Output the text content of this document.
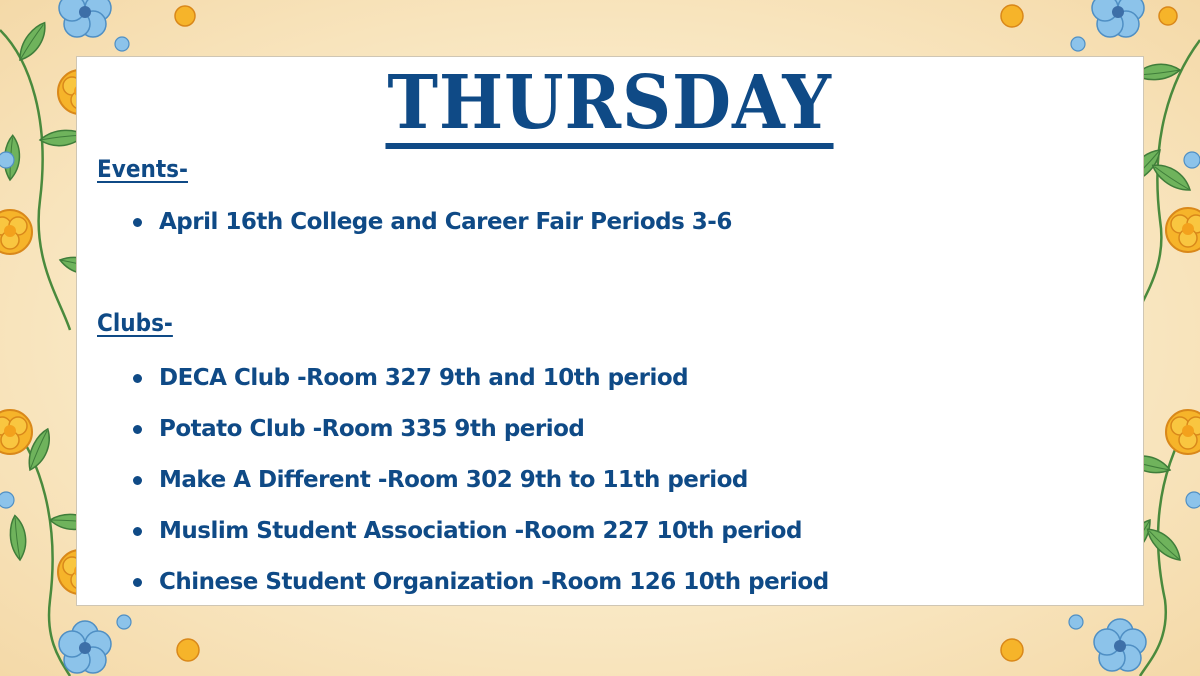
THURSDAY
Events-
April 16th College and Career Fair Periods 3-6
Clubs-
DECA Club -Room 327 9th and 10th period
Potato Club -Room 335 9th period
Make A Different -Room 302 9th to 11th period
Muslim Student Association -Room 227 10th period
Chinese Student Organization -Room 126 10th period
